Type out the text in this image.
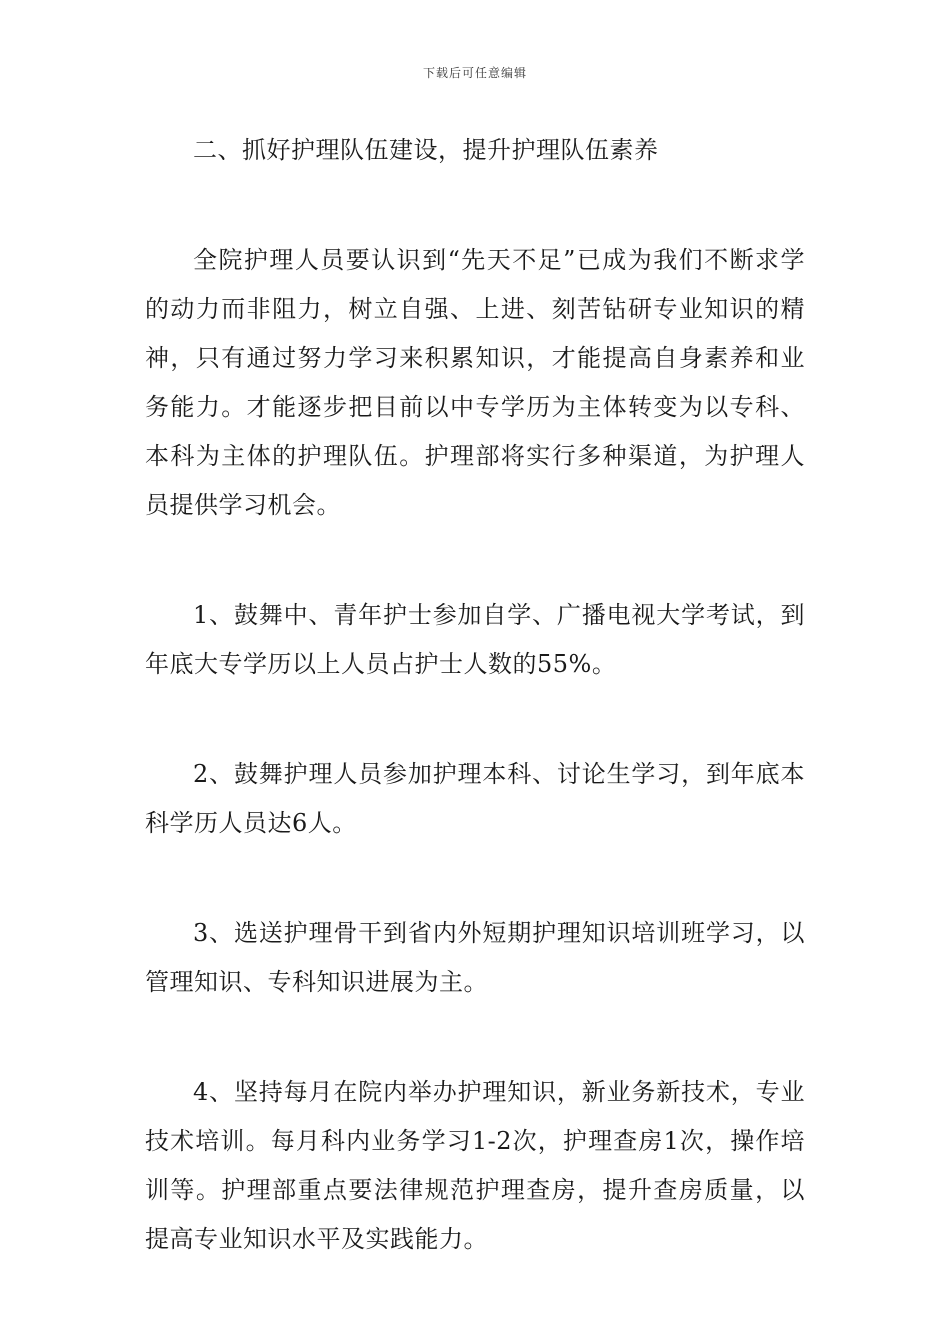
下载后可任意编辑

二、抓好护理队伍建设，提升护理队伍素养

全院护理人员要认识到“先天不足”已成为我们不断求学的动力而非阻力，树立自强、上进、刻苦钻研专业知识的精神，只有通过努力学习来积累知识，才能提高自身素养和业务能力。才能逐步把目前以中专学历为主体转变为以专科、本科为主体的护理队伍。护理部将实行多种渠道，为护理人员提供学习机会。

1、鼓舞中、青年护士参加自学、广播电视大学考试，到年底大专学历以上人员占护士人数的55%。

2、鼓舞护理人员参加护理本科、讨论生学习，到年底本科学历人员达6人。

3、选送护理骨干到省内外短期护理知识培训班学习，以管理知识、专科知识进展为主。

4、坚持每月在院内举办护理知识，新业务新技术，专业技术培训。每月科内业务学习1-2次，护理查房1次，操作培训等。护理部重点要法律规范护理查房，提升查房质量，以提高专业知识水平及实践能力。
